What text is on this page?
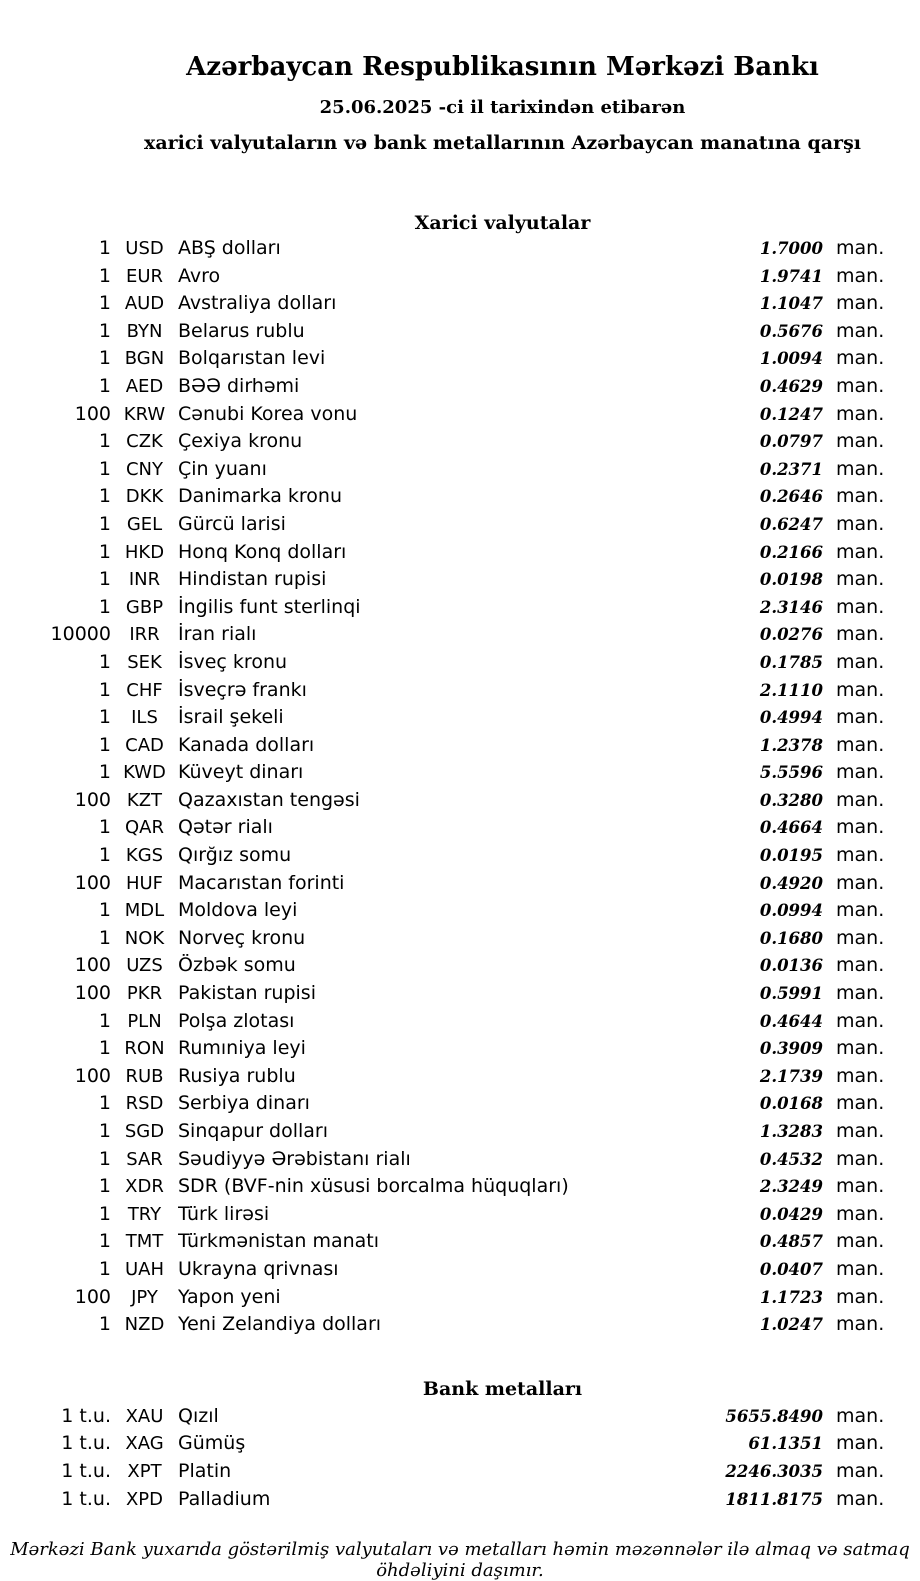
Azərbaycan Respublikasının Mərkəzi Bankı
25.06.2025 -ci il tarixindən etibarən
xarici valyutaların və bank metallarının Azərbaycan manatına qarşı
Xarici valyutalar
1 USD ABŞ dolları	1.7000 man.
1 EUR Avro	1.9741 man.
1 AUD Avstraliya dolları	1.1047 man.
1 BYN Belarus rublu	0.5676 man.
1 BGN Bolqarıstan levi	1.0094 man.
1 AED BƏƏ dirhəmi	0.4629 man.
100 KRW Cənubi Korea vonu	0.1247 man.
1 CZK Çexiya kronu	0.0797 man.
1 CNY Çin yuanı	0.2371 man.
1 DKK Danimarka kronu	0.2646 man.
1 GEL Gürcü larisi	0.6247 man.
1 HKD Honq Konq dolları	0.2166 man.
1 INR Hindistan rupisi	0.0198 man.
1 GBP İngilis funt sterlinqi	2.3146 man.
10000	IRR İran rialı	0.0276 man.
1 SEK İsveç kronu	0.1785 man.
1 CHF İsveçrə frankı	2.1110 man.
1	ILS	İsrail şekeli	0.4994 man.
1 CAD Kanada dolları	1.2378 man.
1 KWD Küveyt dinarı	5.5596 man.
100 KZT Qazaxıstan tengəsi	0.3280 man.
1 QAR Qətər rialı	0.4664 man.
1 KGS Qırğız somu	0.0195 man.
100 HUF Macarıstan forinti	0.4920 man.
1 MDL Moldova leyi	0.0994 man.
1 NOK Norveç kronu	0.1680 man.
100 UZS Özbək somu	0.0136 man.
100 PKR Pakistan rupisi	0.5991 man.
1 PLN Polşa zlotası	0.4644 man.
1 RON Rumıniya leyi	0.3909 man.
100 RUB Rusiya rublu	2.1739 man.
1 RSD Serbiya dinarı	0.0168 man.
1 SGD Sinqapur dolları	1.3283 man.
1 SAR Səudiyyə Ərəbistanı rialı	0.4532 man.
1 XDR SDR (BVF-nin xüsusi borcalma hüquqları)	2.3249 man.
1 TRY Türk lirəsi	0.0429 man.
1 TMT Türkmənistan manatı	0.4857 man.
1 UAH Ukrayna qrivnası	0.0407 man.
100	JPY	Yapon yeni	1.1723 man.
1 NZD Yeni Zelandiya dolları	1.0247 man.
Bank metalları
1 t.u. XAU Qızıl	5655.8490 man.
1 t.u. XAG Gümüş	61.1351 man.
1 t.u. XPT Platin	2246.3035 man.
1 t.u. XPD Palladium	1811.8175 man.
Mərkəzi Bank yuxarıda göstərilmiş valyutaları və metalları həmin məzənnələr ilə almaq və satmaq öhdəliyini daşımır.
